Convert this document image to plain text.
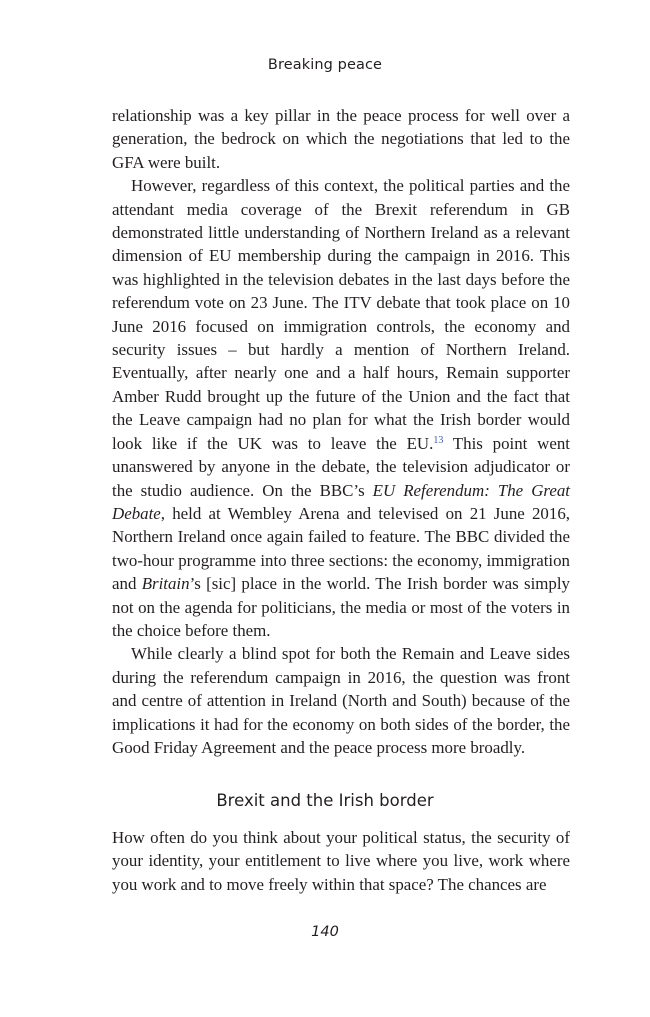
Breaking peace

relationship was a key pillar in the peace process for well over a generation, the bedrock on which the negotiations that led to the GFA were built.

However, regardless of this context, the political parties and the attendant media coverage of the Brexit referendum in GB demonstrated little understanding of Northern Ireland as a relevant dimension of EU membership during the campaign in 2016. This was highlighted in the television debates in the last days before the referendum vote on 23 June. The ITV debate that took place on 10 June 2016 focused on immigration controls, the economy and security issues – but hardly a mention of Northern Ireland. Eventually, after nearly one and a half hours, Remain supporter Amber Rudd brought up the future of the Union and the fact that the Leave campaign had no plan for what the Irish border would look like if the UK was to leave the EU.$^{13}$ This point went unanswered by anyone in the debate, the television adjudicator or the studio audience. On the BBC’s EU Referendum: The Great Debate, held at Wembley Arena and televised on 21 June 2016, Northern Ireland once again failed to feature. The BBC divided the two-hour programme into three sections: the economy, immigration and Britain’s [sic] place in the world. The Irish border was simply not on the agenda for politicians, the media or most of the voters in the choice before them.

While clearly a blind spot for both the Remain and Leave sides during the referendum campaign in 2016, the question was front and centre of attention in Ireland (North and South) because of the implications it had for the economy on both sides of the border, the Good Friday Agreement and the peace process more broadly.

Brexit and the Irish border

How often do you think about your political status, the security of your identity, your entitlement to live where you live, work where you work and to move freely within that space? The chances are

140
